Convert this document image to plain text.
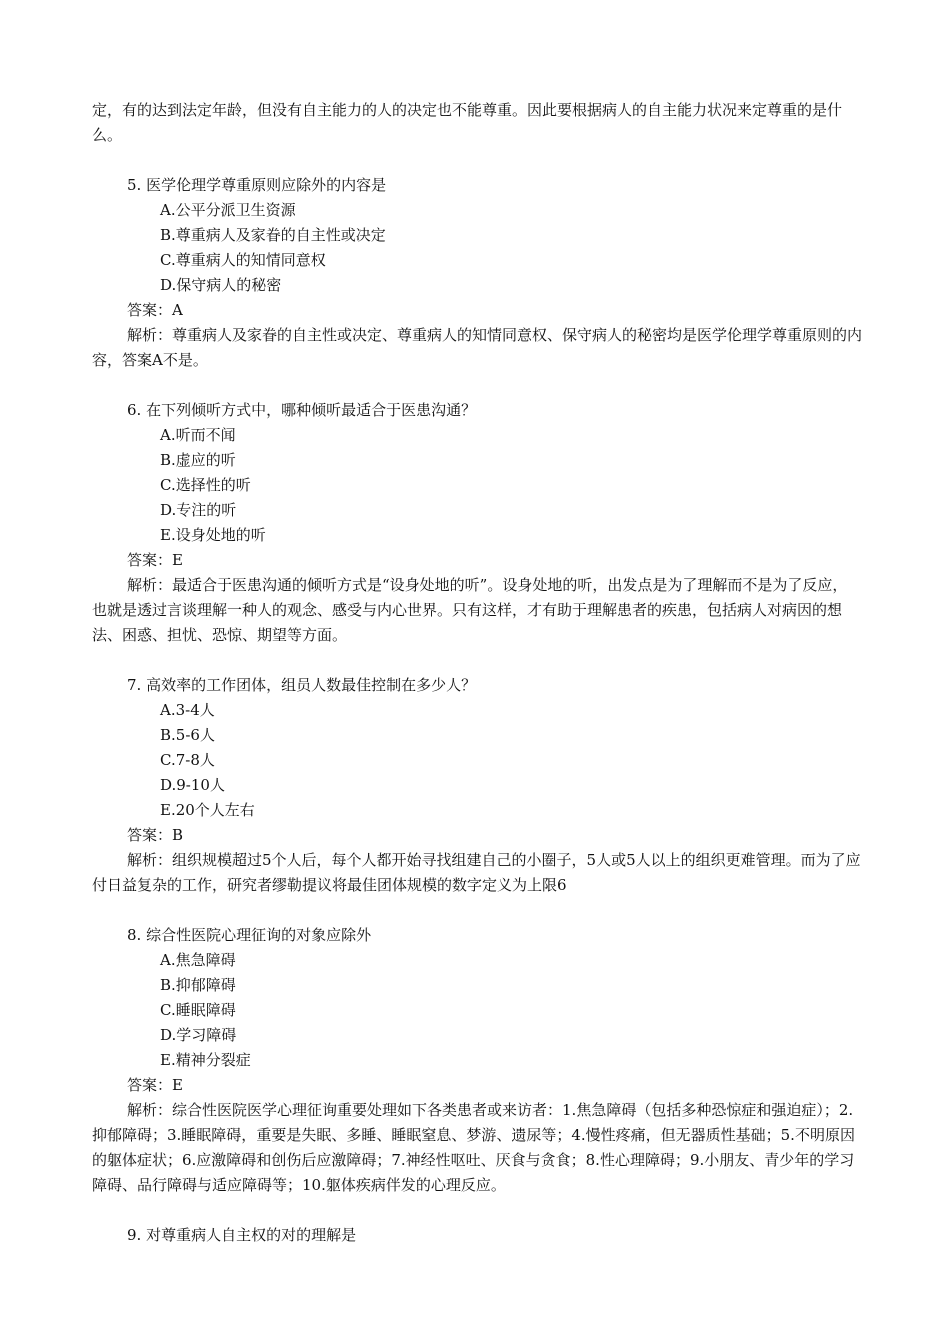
定，有的达到法定年龄，但没有自主能力的人的决定也不能尊重。因此要根据病人的自主能力状况来定尊重的是什么。
5. 医学伦理学尊重原则应除外的内容是
A.公平分派卫生资源
B.尊重病人及家眷的自主性或决定
C.尊重病人的知情同意权
D.保守病人的秘密
答案：A
解析：尊重病人及家眷的自主性或决定、尊重病人的知情同意权、保守病人的秘密均是医学伦理学尊重原则的内容，答案A不是。
6. 在下列倾听方式中，哪种倾听最适合于医患沟通？
A.听而不闻
B.虚应的听
C.选择性的听
D.专注的听
E.设身处地的听
答案：E
解析：最适合于医患沟通的倾听方式是“设身处地的听”。设身处地的听，出发点是为了理解而不是为了反应，也就是透过言谈理解一种人的观念、感受与内心世界。只有这样，才有助于理解患者的疾患，包括病人对病因的想法、困惑、担忧、恐惊、期望等方面。
7. 高效率的工作团体，组员人数最佳控制在多少人？
A.3-4人
B.5-6人
C.7-8人
D.9-10人
E.20个人左右
答案：B
解析：组织规模超过5个人后，每个人都开始寻找组建自己的小圈子，5人或5人以上的组织更难管理。而为了应付日益复杂的工作，研究者缪勒提议将最佳团体规模的数字定义为上限6
8. 综合性医院心理征询的对象应除外
A.焦急障碍
B.抑郁障碍
C.睡眠障碍
D.学习障碍
E.精神分裂症
答案：E
解析：综合性医院医学心理征询重要处理如下各类患者或来访者：1.焦急障碍（包括多种恐惊症和强迫症）；2.抑郁障碍；3.睡眠障碍，重要是失眠、多睡、睡眠窒息、梦游、遗尿等；4.慢性疼痛，但无器质性基础；5.不明原因的躯体症状；6.应激障碍和创伤后应激障碍；7.神经性呕吐、厌食与贪食；8.性心理障碍；9.小朋友、青少年的学习障碍、品行障碍与适应障碍等；10.躯体疾病伴发的心理反应。
9. 对尊重病人自主权的对的理解是
